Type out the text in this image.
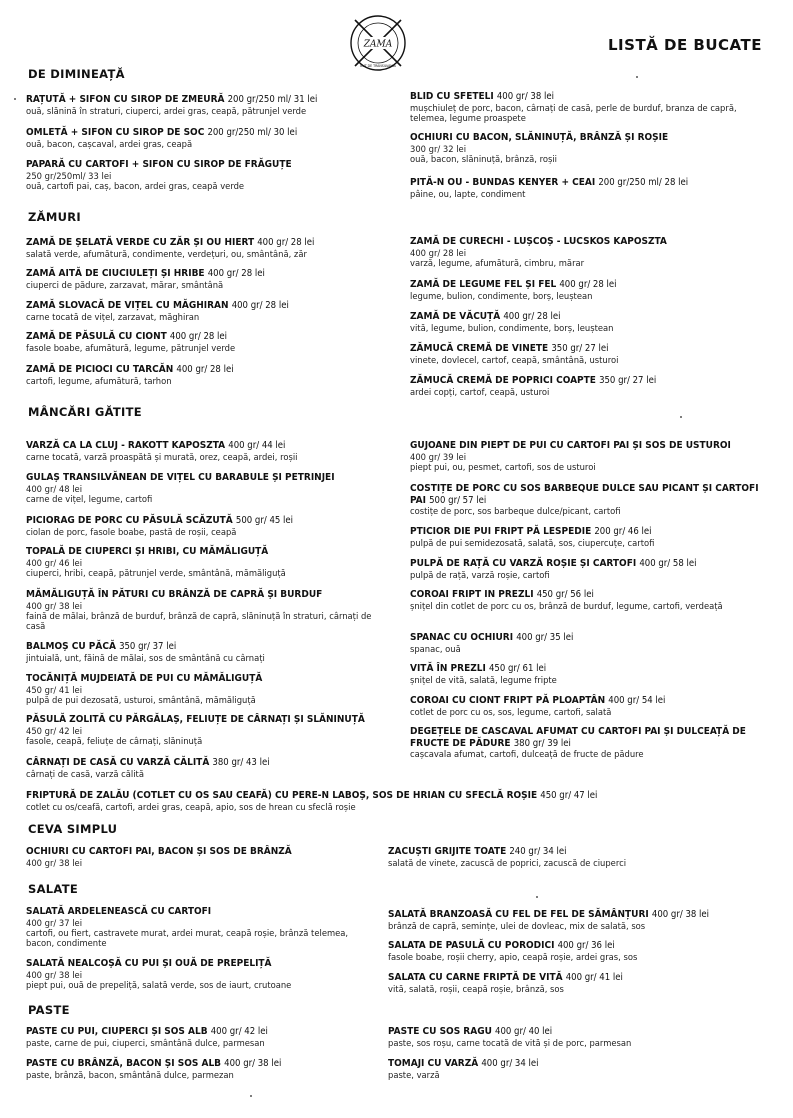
ZAMA
BUT DE TRANSILVANIA
LISTĂ DE BUCATE
DE DIMINEAȚĂ
ZĂMURI
MÂNCĂRI GĂTITE
CEVA SIMPLU
SALATE
PASTE
RAȚUTĂ + SIFON CU SIROP DE ZMEURĂ 200 gr/250 ml/ 31 lei
ouă, slănină în straturi, ciuperci, ardei gras, ceapă, pătrunjel verde
OMLETĂ + SIFON CU SIROP DE SOC 200 gr/250 ml/ 30 lei
ouă, bacon, cașcaval, ardei gras, ceapă
PAPARĂ CU CARTOFI + SIFON CU SIROP DE FRĂGUȚE
250 gr/250ml/ 33 lei
ouă, cartofi pai, caș, bacon, ardei gras, ceapă verde
BLID CU SFETELI 400 gr/ 38 lei
mușchiuleț de porc, bacon, cârnați de casă, perle de burduf, branza de capră, telemea, legume proaspete
OCHIURI CU BACON, SLĂNINUȚĂ, BRÂNZĂ ȘI ROȘIE
300 gr/ 32 lei
ouă, bacon, slăninuță, brânză, roșii
PITĂ-N OU - BUNDAS KENYER + CEAI 200 gr/250 ml/ 28 lei
pâine, ou, lapte, condiment
ZAMĂ DE ȘELATĂ VERDE CU ZĂR ȘI OU HIERT 400 gr/ 28 lei
salată verde, afumătură, condimente, verdețuri, ou, smântână, zăr
ZAMĂ AITĂ DE CIUCIULEȚI ȘI HRIBE 400 gr/ 28 lei
ciuperci de pădure, zarzavat, mărar, smântână
ZAMĂ SLOVACĂ DE VIȚEL CU MĂGHIRAN 400 gr/ 28 lei
carne tocată de vițel, zarzavat, măghiran
ZAMĂ DE PĂSULĂ CU CIONT 400 gr/ 28 lei
fasole boabe, afumătură, legume, pătrunjel verde
ZAMĂ DE PICIOCI CU TARCĂN 400 gr/ 28 lei
cartofi, legume, afumătură, tarhon
ZAMĂ DE CURECHI - LUȘCOȘ - LUCSKOS KAPOSZTA
400 gr/ 28 lei
varză, legume, afumătură, cimbru, mărar
ZAMĂ DE LEGUME FEL ȘI FEL 400 gr/ 28 lei
legume, bulion, condimente, borș, leuștean
ZAMĂ DE VĂCUȚĂ 400 gr/ 28 lei
vită, legume, bulion, condimente, borș, leuștean
ZĂMUCĂ CREMĂ DE VINETE 350 gr/ 27 lei
vinete, dovlecel, cartof, ceapă, smântână, usturoi
ZĂMUCĂ CREMĂ DE POPRICI COAPTE 350 gr/ 27 lei
ardei copți, cartof, ceapă, usturoi
VARZĂ CA LA CLUJ - RAKOTT KAPOSZTA 400 gr/ 44 lei
carne tocată, varză proaspătă și murată, orez, ceapă, ardei, roșii
GULAȘ TRANSILVĂNEAN DE VIȚEL CU BARABULE ȘI PETRINJEI
400 gr/ 48 lei
carne de vițel, legume, cartofi
PICIORAG DE PORC CU PĂSULĂ SCĂZUTĂ 500 gr/ 45 lei
ciolan de porc, fasole boabe, pastă de roșii, ceapă
TOPALĂ DE CIUPERCI ȘI HRIBI, CU MĂMĂLIGUȚĂ
400 gr/ 46 lei
ciuperci, hribi, ceapă, pătrunjel verde, smântână, mămăliguță
MĂMĂLIGUȚĂ ÎN PĂTURI CU BRÂNZĂ DE CAPRĂ ȘI BURDUF
400 gr/ 38 lei
faină de mălai, brânză de burduf, brânză de capră, slăninuță în straturi, cârnați de casă
BALMOȘ CU PĂCĂ 350 gr/ 37 lei
jintuială, unt, făină de mălai, sos de smântână cu cârnați
TOCĂNIȚĂ MUJDEIATĂ DE PUI CU MĂMĂLIGUȚĂ
450 gr/ 41 lei
pulpă de pui dezosată, usturoi, smântână, mămăliguță
PĂSULĂ ZOLITĂ CU PĂRGĂLAȘ, FELIUȚE DE CÂRNAȚI ȘI SLĂNINUȚĂ
450 gr/ 42 lei
fasole, ceapă, feliuțe de cârnați, slăninuță
CÂRNAȚI DE CASĂ CU VARZĂ CĂLITĂ 380 gr/ 43 lei
cârnați de casă, varză călită
GUJOANE DIN PIEPT DE PUI CU CARTOFI PAI ȘI SOS DE USTUROI
400 gr/ 39 lei
piept pui, ou, pesmet, cartofi, sos de usturoi
COSTIȚE DE PORC CU SOS BARBEQUE DULCE SAU PICANT ȘI CARTOFI PAI 500 gr/ 57 lei
costițe de porc, sos barbeque dulce/picant, cartofi
PTICIOR DIE PUI FRIPT PĂ LESPEDIE 200 gr/ 46 lei
pulpă de pui semidezosată, salată, sos, ciupercuțe, cartofi
PULPĂ DE RAȚĂ CU VARZĂ ROȘIE ȘI CARTOFI 400 gr/ 58 lei
pulpă de rață, varză roșie, cartofi
COROAI FRIPT IN PREZLI 450 gr/ 56 lei
șnițel din cotlet de porc cu os, brânză de burduf, legume, cartofi, verdeață
SPANAC CU OCHIURI 400 gr/ 35 lei
spanac, ouă
VITĂ ÎN PREZLI 450 gr/ 61 lei
șnițel de vită, salată, legume fripte
COROAI CU CIONT FRIPT PĂ PLOAPTÂN 400 gr/ 54 lei
cotlet de porc cu os, sos, legume, cartofi, salată
DEGEȚELE DE CASCAVAL AFUMAT CU CARTOFI PAI ȘI DULCEAȚĂ DE FRUCTE DE PĂDURE 380 gr/ 39 lei
cașcavala afumat, cartofi, dulceață de fructe de pădure
FRIPTURĂ DE ZALĂU (COTLET CU OS SAU CEAFĂ) CU PERE-N LABOȘ, SOS DE HRIAN CU SFECLĂ ROȘIE 450 gr/ 47 lei
cotlet cu os/ceafă, cartofi, ardei gras, ceapă, apio, sos de hrean cu sfeclă roșie
OCHIURI CU CARTOFI PAI, BACON ȘI SOS DE BRÂNZĂ
400 gr/ 38 lei
ZACUȘTI GRIJITE TOATE 240 gr/ 34 lei
salată de vinete, zacuscă de poprici, zacuscă de ciuperci
SALATĂ ARDELENEASCĂ CU CARTOFI
400 gr/ 37 lei
cartofi, ou fiert, castravete murat, ardei murat, ceapă roșie, brânză telemea, bacon, condimente
SALATĂ NEALCOȘĂ CU PUI ȘI OUĂ DE PREPELIȚĂ
400 gr/ 38 lei
piept pui, ouă de prepeliță, salată verde, sos de iaurt, crutoane
SALATĂ BRANZOASĂ CU FEL DE FEL DE SĂMÂNȚURI 400 gr/ 38 lei
brânză de capră, semințe, ulei de dovleac, mix de salată, sos
SALATA DE PASULĂ CU PORODICI 400 gr/ 36 lei
fasole boabe, roșii cherry, apio, ceapă roșie, ardei gras, sos
SALATA CU CARNE FRIPTĂ DE VITĂ 400 gr/ 41 lei
vită, salată, roșii, ceapă roșie, brânză, sos
PASTE CU PUI, CIUPERCI ȘI SOS ALB 400 gr/ 42 lei
paste, carne de pui, ciuperci, smântână dulce, parmesan
PASTE CU BRÂNZĂ, BACON ȘI SOS ALB 400 gr/ 38 lei
paste, brânză, bacon, smântână dulce, parmezan
PASTE CU SOS RAGU 400 gr/ 40 lei
paste, sos roșu, carne tocată de vită și de porc, parmesan
TOMAJI CU VARZĂ 400 gr/ 34 lei
paste, varză
